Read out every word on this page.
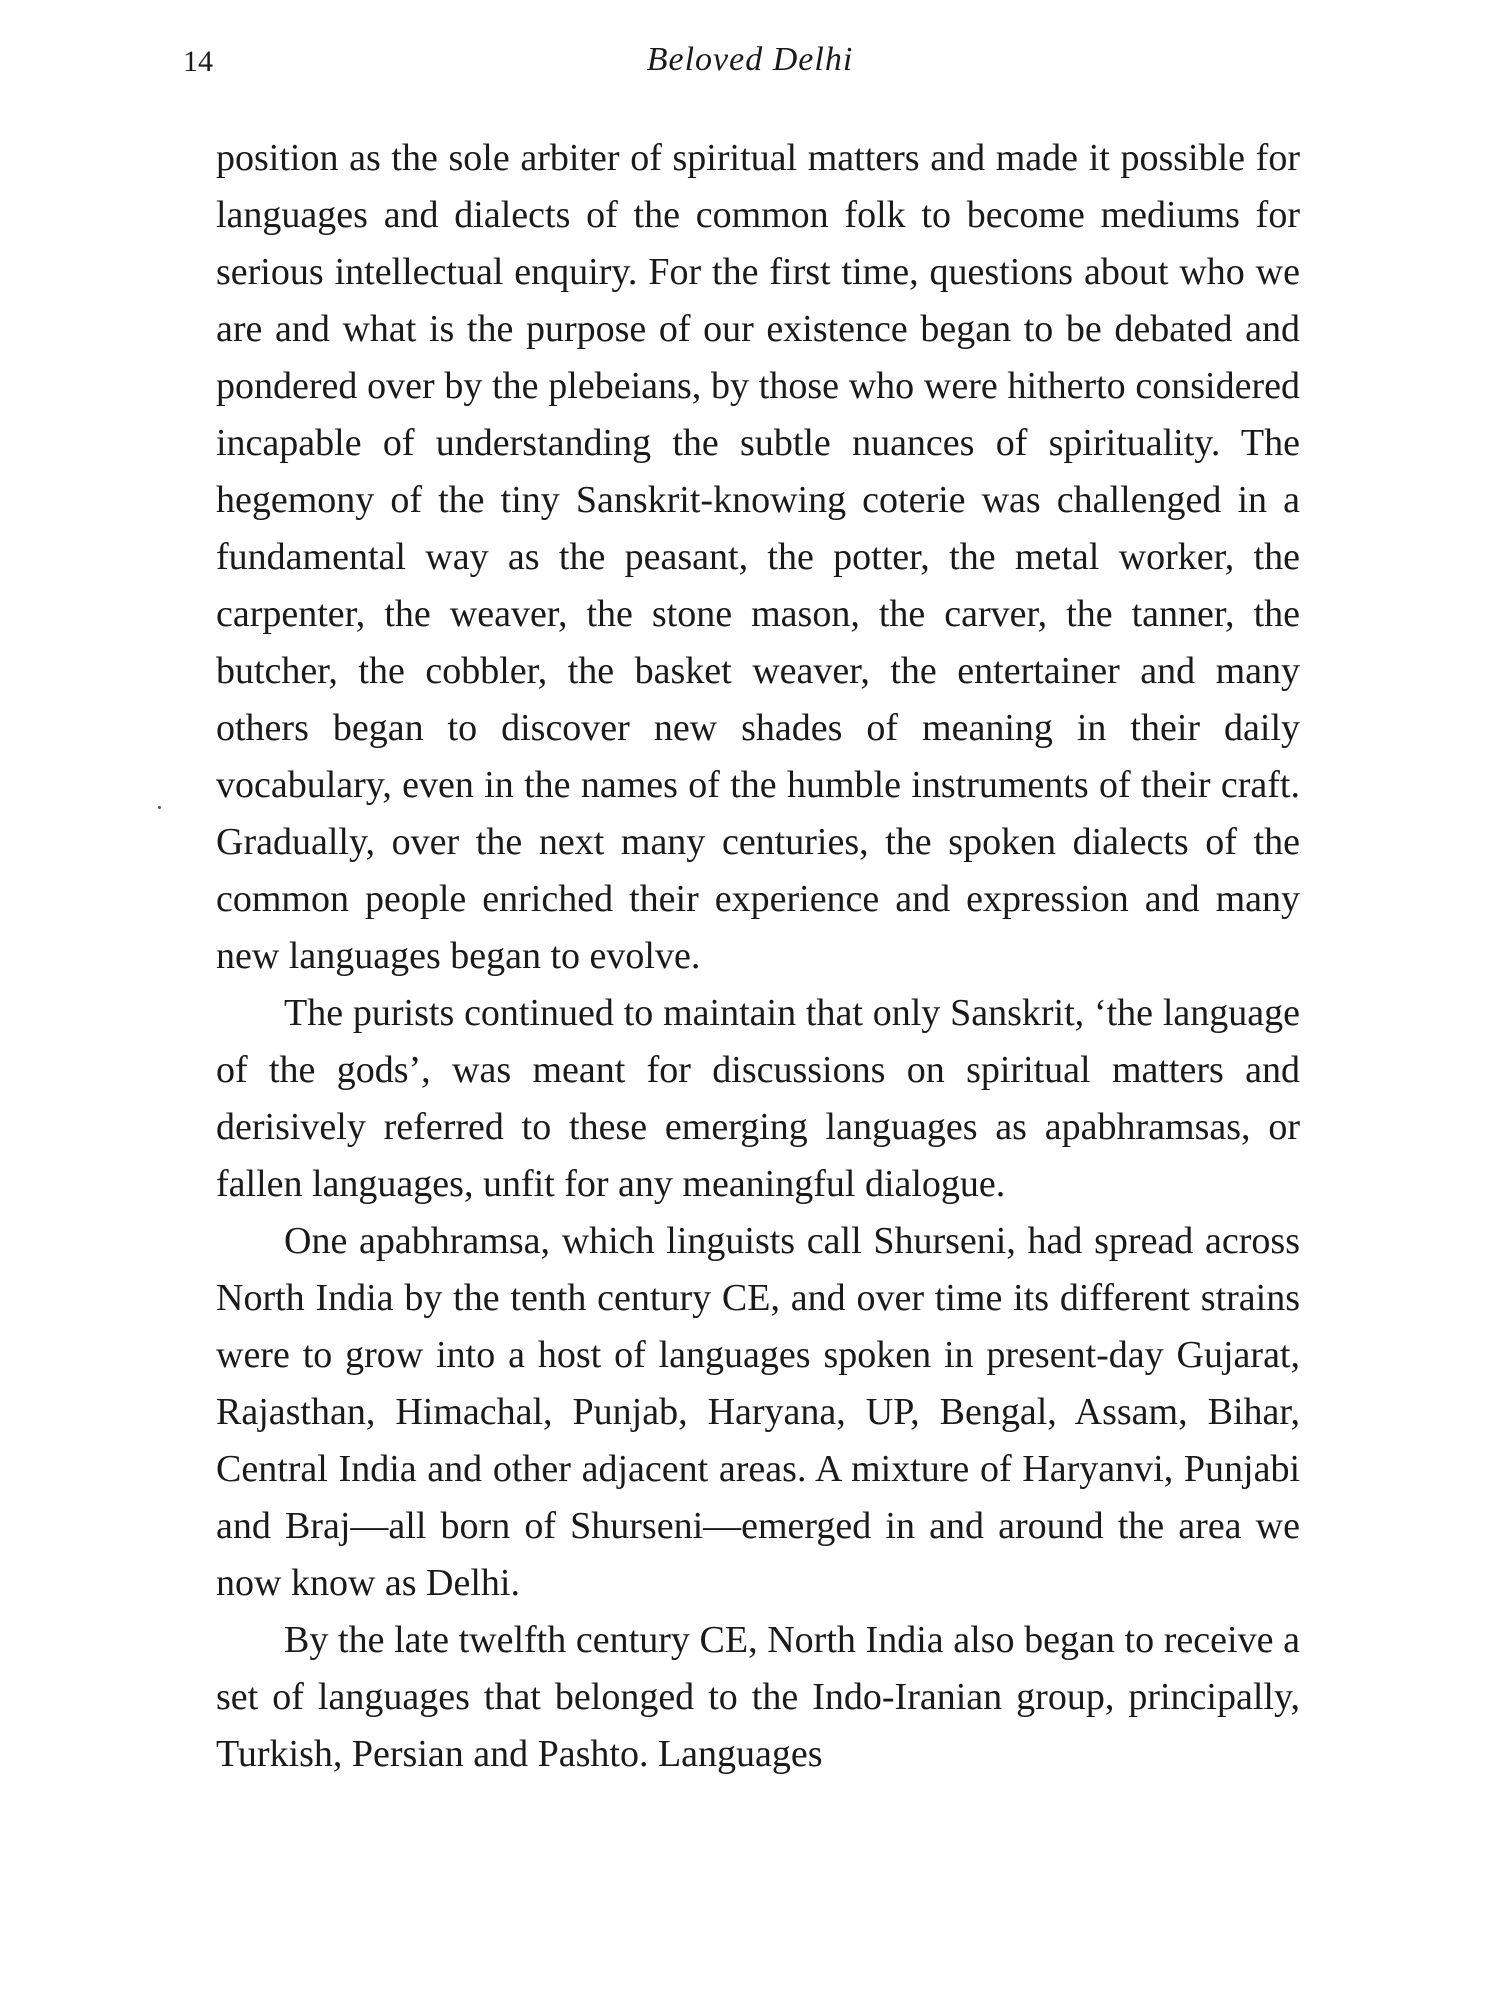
14	Beloved Delhi

position as the sole arbiter of spiritual matters and made it possible for languages and dialects of the common folk to become mediums for serious intellectual enquiry. For the first time, questions about who we are and what is the purpose of our existence began to be debated and pondered over by the plebeians, by those who were hitherto considered incapable of understanding the subtle nuances of spirituality. The hegemony of the tiny Sanskrit-knowing coterie was challenged in a fundamental way as the peasant, the potter, the metal worker, the carpenter, the weaver, the stone mason, the carver, the tanner, the butcher, the cobbler, the basket weaver, the entertainer and many others began to discover new shades of meaning in their daily vocabulary, even in the names of the humble instruments of their craft. Gradually, over the next many centuries, the spoken dialects of the common people enriched their experience and expression and many new languages began to evolve.

The purists continued to maintain that only Sanskrit, ‘the language of the gods’, was meant for discussions on spiritual matters and derisively referred to these emerging languages as apabhramsas, or fallen languages, unfit for any meaningful dialogue.

One apabhramsa, which linguists call Shurseni, had spread across North India by the tenth century CE, and over time its different strains were to grow into a host of languages spoken in present-day Gujarat, Rajasthan, Himachal, Punjab, Haryana, UP, Bengal, Assam, Bihar, Central India and other adjacent areas. A mixture of Haryanvi, Punjabi and Braj—all born of Shurseni—emerged in and around the area we now know as Delhi.

By the late twelfth century CE, North India also began to receive a set of languages that belonged to the Indo-Iranian group, principally, Turkish, Persian and Pashto. Languages
